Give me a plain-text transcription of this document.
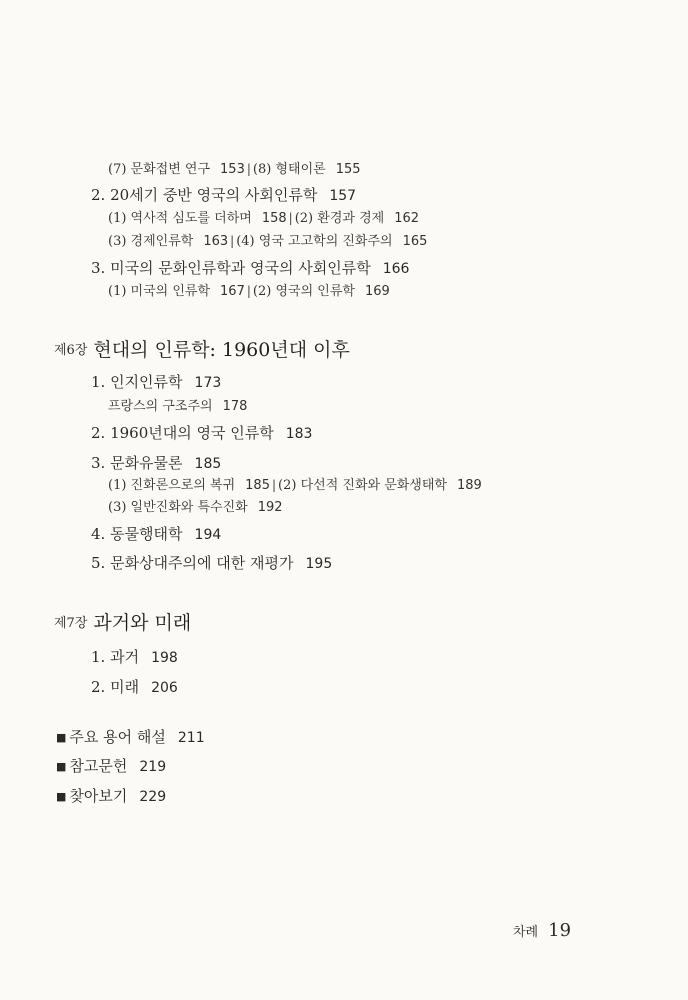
(7) 문화접변 연구 153 | (8) 형태이론 155
2. 20세기 중반 영국의 사회인류학 157
(1) 역사적 심도를 더하며 158 | (2) 환경과 경제 162
(3) 경제인류학 163 | (4) 영국 고고학의 진화주의 165
3. 미국의 문화인류학과 영국의 사회인류학 166
(1) 미국의 인류학 167 | (2) 영국의 인류학 169
제6장 현대의 인류학: 1960년대 이후
1. 인지인류학 173
프랑스의 구조주의 178
2. 1960년대의 영국 인류학 183
3. 문화유물론 185
(1) 진화론으로의 복귀 185 | (2) 다선적 진화와 문화생태학 189
(3) 일반진화와 특수진화 192
4. 동물행태학 194
5. 문화상대주의에 대한 재평가 195
제7장 과거와 미래
1. 과거 198
2. 미래 206
■ 주요 용어 해설 211
■ 참고문헌 219
■ 찾아보기 229
차례 19
